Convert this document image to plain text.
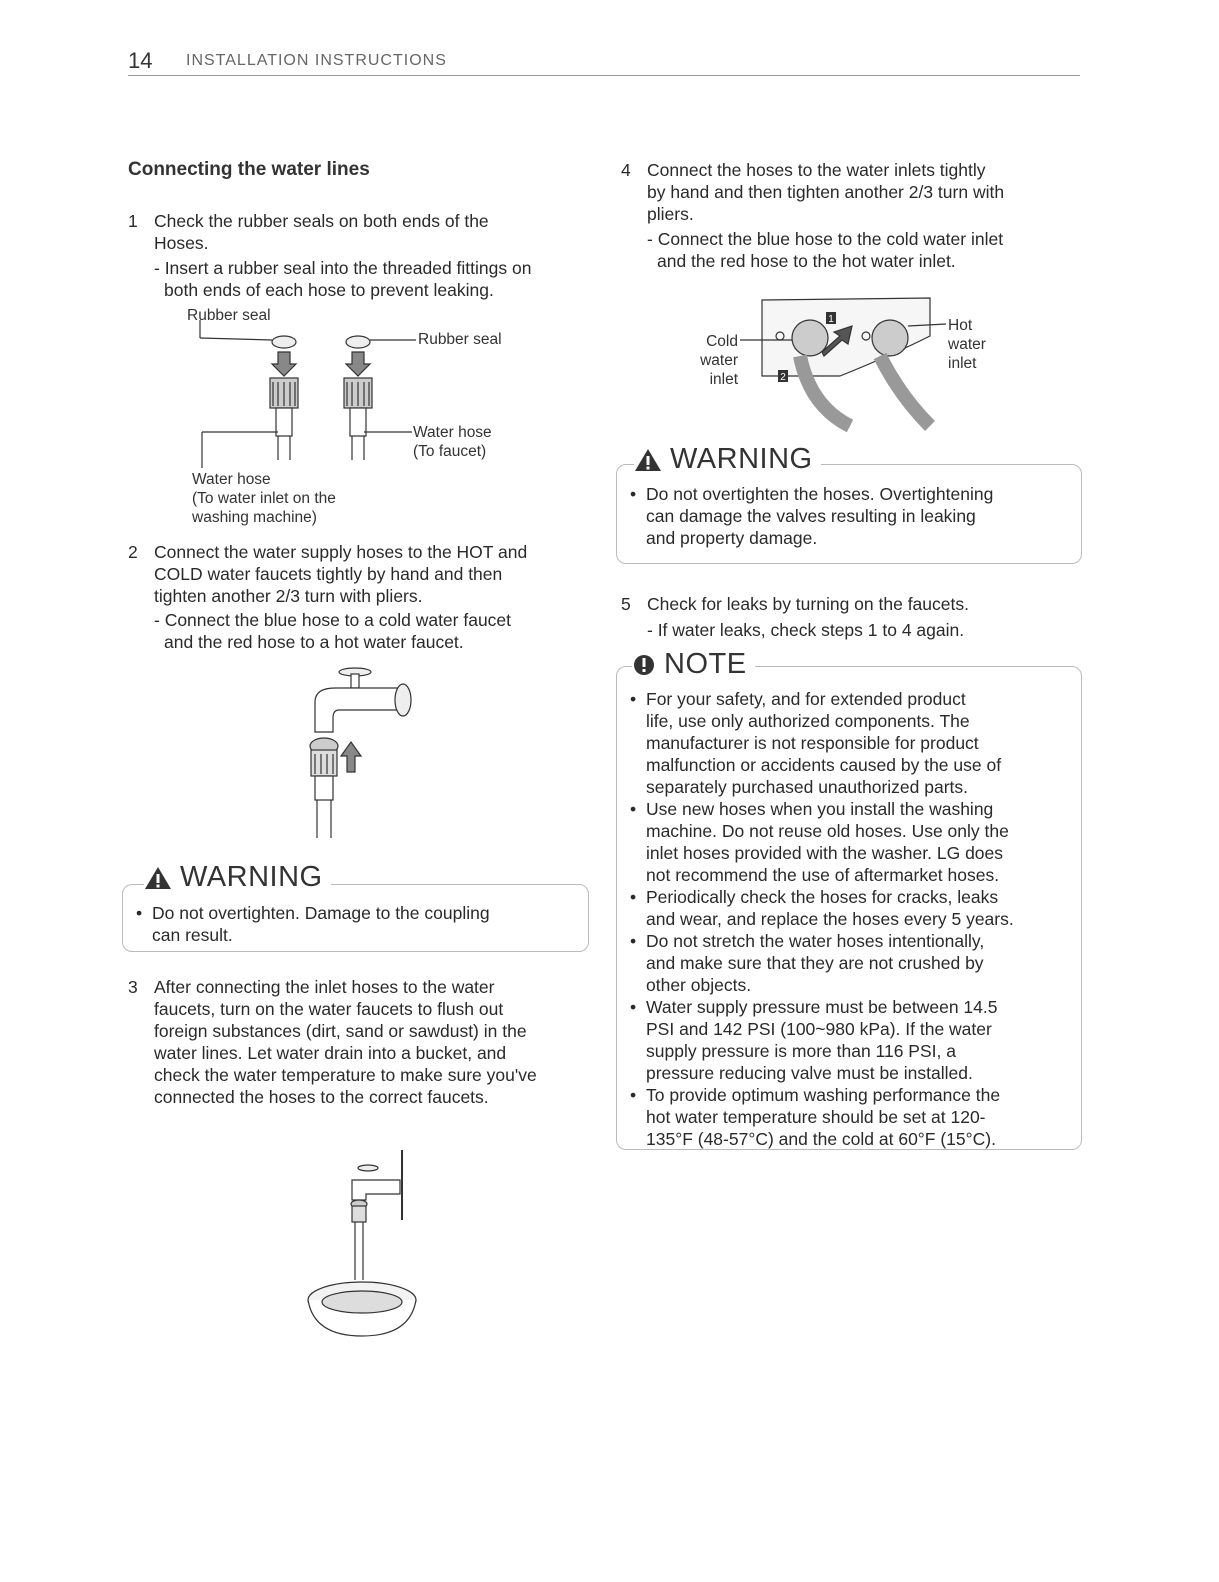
14 INSTALLATION INSTRUCTIONS
Connecting the water lines
1 Check the rubber seals on both ends of the
Hoses.
- Insert a rubber seal into the threaded fittings on
both ends of each hose to prevent leaking.
Rubber seal
Rubber seal
Water hose
(To faucet)
Water hose
(To water inlet on the
washing machine)
2 Connect the water supply hoses to the HOT and
COLD water faucets tightly by hand and then
tighten another 2/3 turn with pliers.
- Connect the blue hose to a cold water faucet
and the red hose to a hot water faucet.
WARNING
• Do not overtighten. Damage to the coupling
can result.
3 After connecting the inlet hoses to the water
faucets, turn on the water faucets to flush out
foreign substances (dirt, sand or sawdust) in the
water lines. Let water drain into a bucket, and
check the water temperature to make sure you've
connected the hoses to the correct faucets.
4 Connect the hoses to the water inlets tightly
by hand and then tighten another 2/3 turn with
pliers.
- Connect the blue hose to the cold water inlet
and the red hose to the hot water inlet.
Cold
water
inlet
Hot
water
inlet
1
2
WARNING
• Do not overtighten the hoses. Overtightening
can damage the valves resulting in leaking
and property damage.
5 Check for leaks by turning on the faucets.
- If water leaks, check steps 1 to 4 again.
NOTE
• For your safety, and for extended product
life, use only authorized components. The
manufacturer is not responsible for product
malfunction or accidents caused by the use of
separately purchased unauthorized parts.
• Use new hoses when you install the washing
machine. Do not reuse old hoses. Use only the
inlet hoses provided with the washer. LG does
not recommend the use of aftermarket hoses.
• Periodically check the hoses for cracks, leaks
and wear, and replace the hoses every 5 years.
• Do not stretch the water hoses intentionally,
and make sure that they are not crushed by
other objects.
• Water supply pressure must be between 14.5
PSI and 142 PSI (100~980 kPa). If the water
supply pressure is more than 116 PSI, a
pressure reducing valve must be installed.
• To provide optimum washing performance the
hot water temperature should be set at 120-
135°F (48-57°C) and the cold at 60°F (15°C).
